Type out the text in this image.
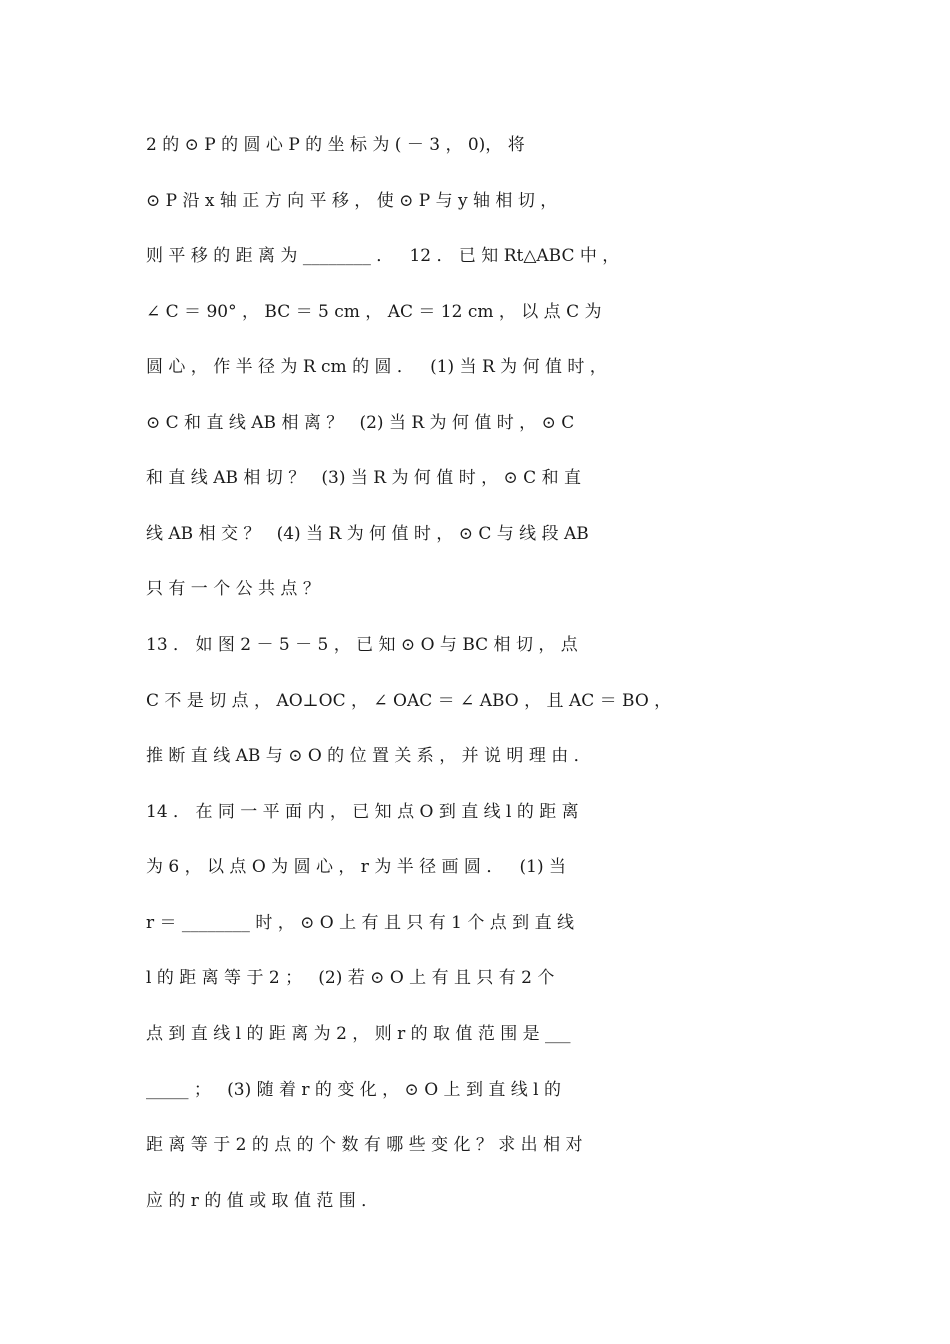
2 的 ⊙ P 的 圆 心 P 的 坐 标 为 ( － 3 ， 0)， 将
⊙ P 沿 x 轴 正 方 向 平 移 ， 使 ⊙ P 与 y 轴 相 切 ，
则 平 移 的 距 离 为 ________ ．   12 ． 已 知 Rt△ABC 中 ，
∠ C ＝ 90° ， BC ＝ 5 cm ， AC ＝ 12 cm ， 以 点 C 为
圆 心 ， 作 半 径 为 R cm 的 圆 ．   (1) 当 R 为 何 值 时 ，
⊙ C 和 直 线 AB 相 离 ？   (2) 当 R 为 何 值 时 ， ⊙ C
和 直 线 AB 相 切 ？   (3) 当 R 为 何 值 时 ， ⊙ C 和 直
线 AB 相 交 ？   (4) 当 R 为 何 值 时 ， ⊙ C 与 线 段 AB
只 有 一 个 公 共 点 ？
13 ． 如 图 2 － 5 － 5 ， 已 知 ⊙ O 与 BC 相 切 ， 点
C 不 是 切 点 ， AO⊥OC ， ∠ OAC ＝ ∠ ABO ， 且 AC ＝ BO ，
推 断 直 线 AB 与 ⊙ O 的 位 置 关 系 ， 并 说 明 理 由 ．
14 ． 在 同 一 平 面 内 ， 已 知 点 O 到 直 线 l 的 距 离
为 6 ， 以 点 O 为 圆 心 ， r 为 半 径 画 圆 ．   (1) 当
r ＝ ________ 时 ， ⊙ O 上 有 且 只 有 1 个 点 到 直 线
l 的 距 离 等 于 2 ；   (2) 若 ⊙ O 上 有 且 只 有 2 个
点 到 直 线 l 的 距 离 为 2 ， 则 r 的 取 值 范 围 是 ___
_____ ；   (3) 随 着 r 的 变 化 ， ⊙ O 上 到 直 线 l 的
距 离 等 于 2 的 点 的 个 数 有 哪 些 变 化 ？ 求 出 相 对
应 的 r 的 值 或 取 值 范 围 ．
